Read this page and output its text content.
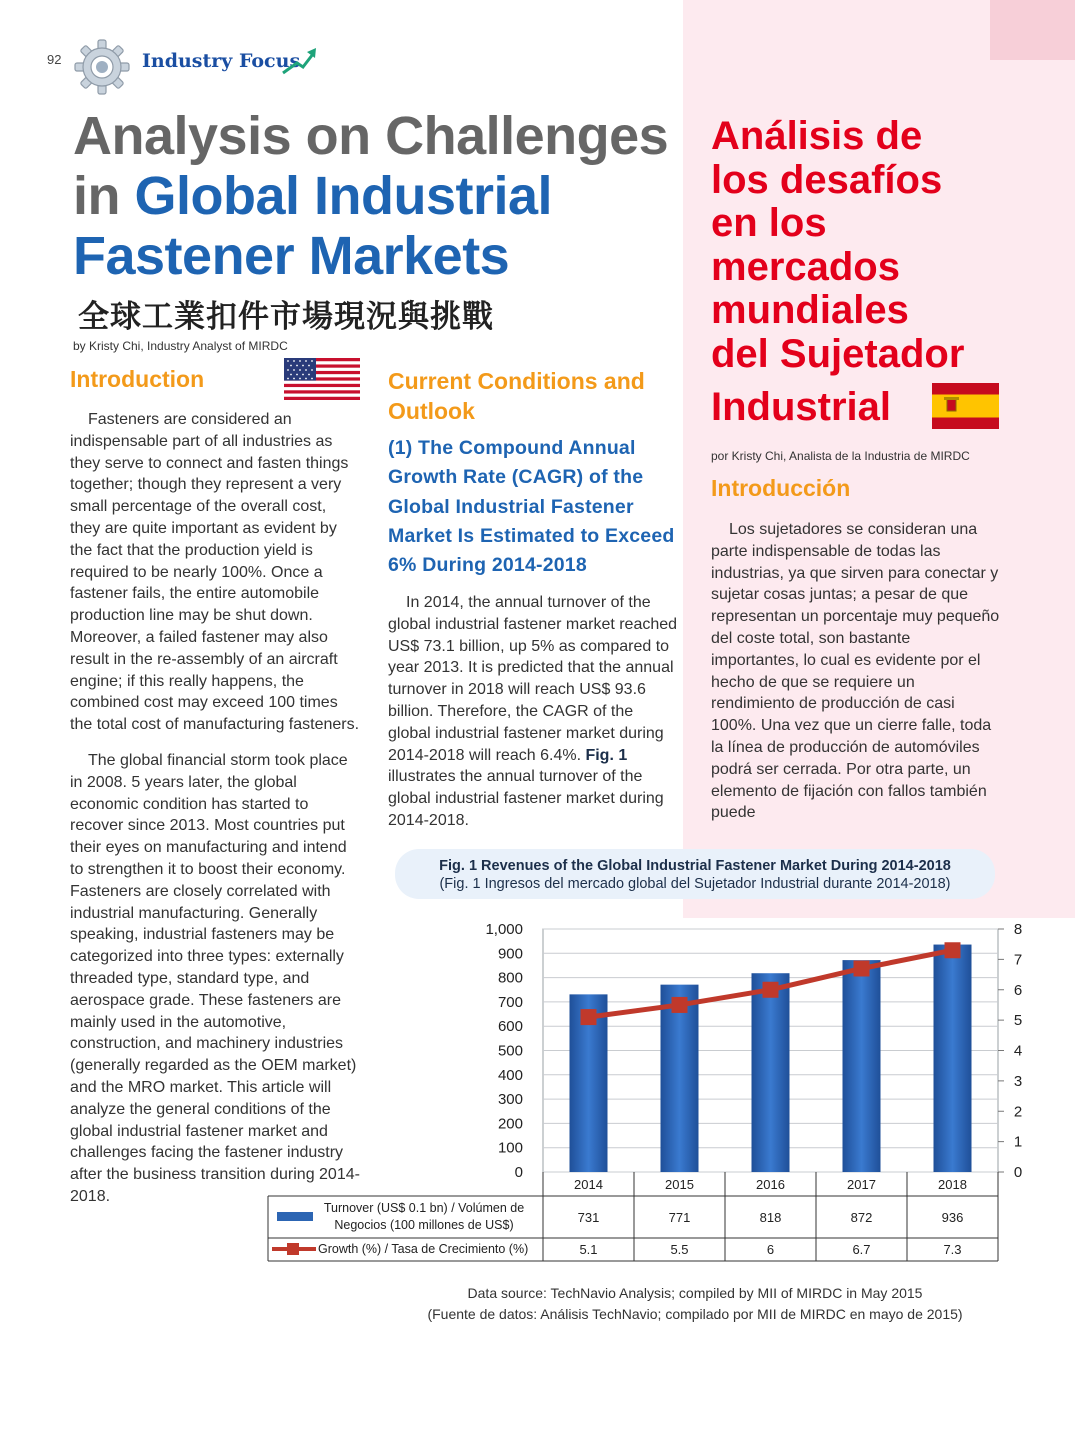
92	Industry Focus
Analysis on Challenges
in Global Industrial
Fastener Markets
全球工業扣件市場現況與挑戰
by Kristy Chi, Industry Analyst of MIRDC
Análisis de
los desafíos
en los
mercados
mundiales
del Sujetador
Industrial
por Kristy Chi, Analista de la Industria de MIRDC
Introduction

Fasteners are considered an indispensable part of all industries as they serve to connect and fasten things together; though they represent a very small percentage of the overall cost, they are quite important as evident by the fact that the production yield is required to be nearly 100%. Once a fastener fails, the entire automobile production line may be shut down. Moreover, a failed fastener may also result in the re-assembly of an aircraft engine; if this really happens, the combined cost may exceed 100 times the total cost of manufacturing fasteners.

The global financial storm took place in 2008. 5 years later, the global economic condition has started to recover since 2013. Most countries put their eyes on manufacturing and intend to strengthen it to boost their economy. Fasteners are closely correlated with industrial manufacturing. Generally speaking, industrial fasteners may be categorized into three types: externally threaded type, standard type, and aerospace grade. These fasteners are mainly used in the automotive, construction, and machinery industries (generally regarded as the OEM market) and the MRO market. This article will analyze the general conditions of the global industrial fastener market and challenges facing the fastener industry after the business transition during 2014-2018.

Current Conditions and Outlook
(1) The Compound Annual Growth Rate (CAGR) of the Global Industrial Fastener Market Is Estimated to Exceed 6% During 2014-2018

In 2014, the annual turnover of the global industrial fastener market reached US$ 73.1 billion, up 5% as compared to year 2013. It is predicted that the annual turnover in 2018 will reach US$ 93.6 billion. Therefore, the CAGR of the global industrial fastener market during 2014-2018 will reach 6.4%. Fig. 1 illustrates the annual turnover of the global industrial fastener market during 2014-2018.

Introducción

Los sujetadores se consideran una parte indispensable de todas las industrias, ya que sirven para conectar y sujetar cosas juntas; a pesar de que representan un porcentaje muy pequeño del coste total, son bastante importantes, lo cual es evidente por el hecho de que se requiere un rendimiento de producción de casi 100%. Una vez que un cierre falle, toda la línea de producción de automóviles podrá ser cerrada. Por otra parte, un elemento de fijación con fallos también puede

Fig. 1 Revenues of the Global Industrial Fastener Market During 2014-2018
(Fig. 1 Ingresos del mercado global del Sujetador Industrial durante 2014-2018)
0
100
200
300
400
500
600
700
800
900
1,000
0
1
2
3
4
5
6
7
8
2014
731
5.1
2015
771
5.5
2016
818
6
2017
872
6.7
2018
936
7.3
Turnover (US$ 0.1 bn) / Volúmen de
Negocios (100 millones de US$)
Growth (%) / Tasa de Crecimiento (%)
Data source: TechNavio Analysis; compiled by MII of MIRDC in May 2015
(Fuente de datos: Análisis TechNavio; compilado por MII de MIRDC en mayo de 2015)
